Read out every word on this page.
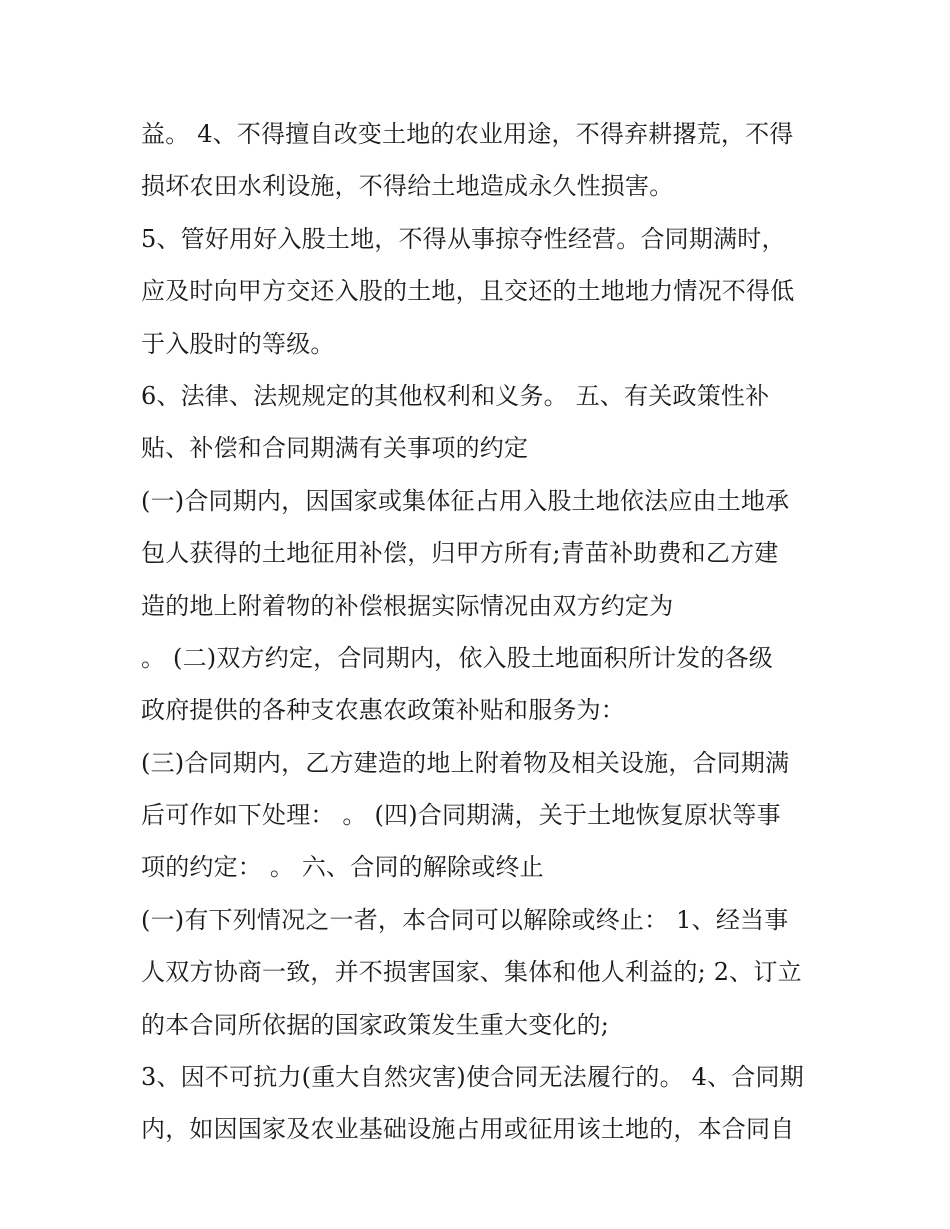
益。 4、不得擅自改变土地的农业用途，不得弃耕撂荒，不得
损坏农田水利设施，不得给土地造成永久性损害。
5、管好用好入股土地，不得从事掠夺性经营。合同期满时，
应及时向甲方交还入股的土地，且交还的土地地力情况不得低
于入股时的等级。
6、法律、法规规定的其他权利和义务。 五、有关政策性补
贴、补偿和合同期满有关事项的约定
(一)合同期内，因国家或集体征占用入股土地依法应由土地承
包人获得的土地征用补偿，归甲方所有;青苗补助费和乙方建
造的地上附着物的补偿根据实际情况由双方约定为
。 (二)双方约定，合同期内，依入股土地面积所计发的各级
政府提供的各种支农惠农政策补贴和服务为：
(三)合同期内，乙方建造的地上附着物及相关设施，合同期满
后可作如下处理： 。 (四)合同期满，关于土地恢复原状等事
项的约定： 。 六、合同的解除或终止
(一)有下列情况之一者，本合同可以解除或终止： 1、经当事
人双方协商一致，并不损害国家、集体和他人利益的; 2、订立
的本合同所依据的国家政策发生重大变化的;
3、因不可抗力(重大自然灾害)使合同无法履行的。 4、合同期
内，如因国家及农业基础设施占用或征用该土地的，本合同自
